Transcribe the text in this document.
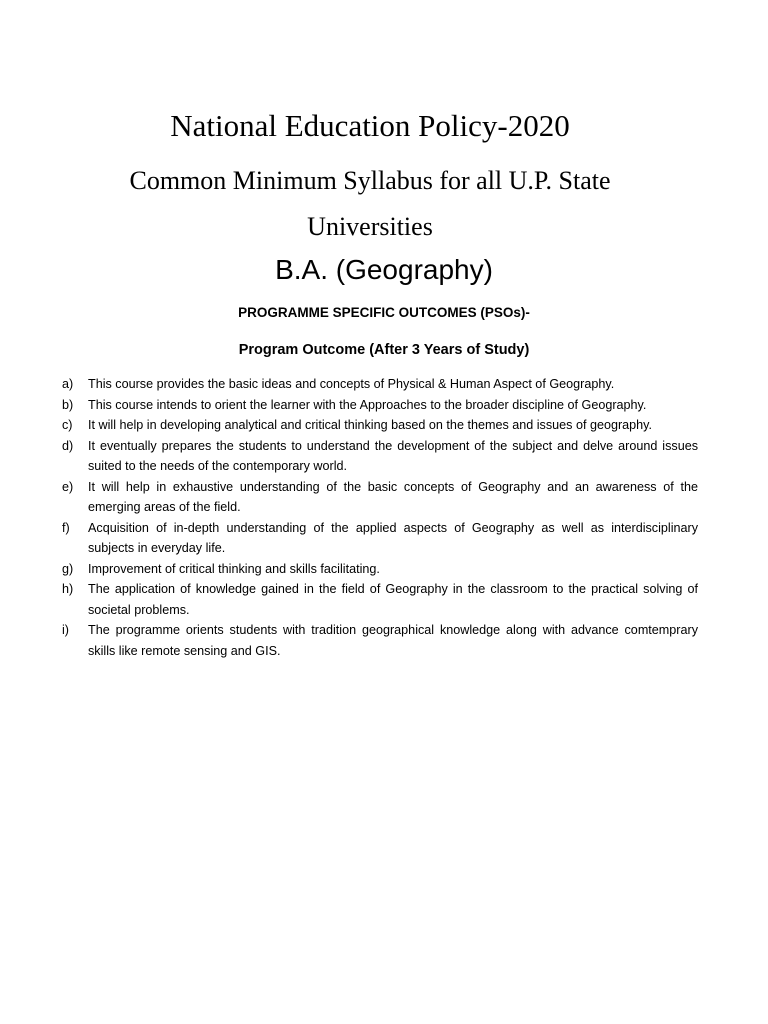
National Education Policy-2020
Common Minimum Syllabus for all U.P. State Universities
B.A. (Geography)
PROGRAMME SPECIFIC OUTCOMES (PSOs)-
Program Outcome (After 3 Years of Study)
a)	This course provides the basic ideas and concepts of Physical & Human Aspect of Geography.
b)	This course intends to orient the learner with the Approaches to the broader discipline of Geography.
c)	It will help in developing analytical and critical thinking based on the themes and issues of geography.
d)	It eventually prepares the students to understand the development of the subject and delve around issues suited to the needs of the contemporary world.
e)	It will help in exhaustive understanding of the basic concepts of Geography and an awareness of the emerging areas of the field.
f)	Acquisition of in-depth understanding of the applied aspects of Geography as well as interdisciplinary subjects in everyday life.
g)	Improvement of critical thinking and skills facilitating.
h)	The application of knowledge gained in the field of Geography in the classroom to the practical solving of societal problems.
i)	The programme orients students with tradition geographical knowledge along with advance comtemprary skills like remote sensing and GIS.
